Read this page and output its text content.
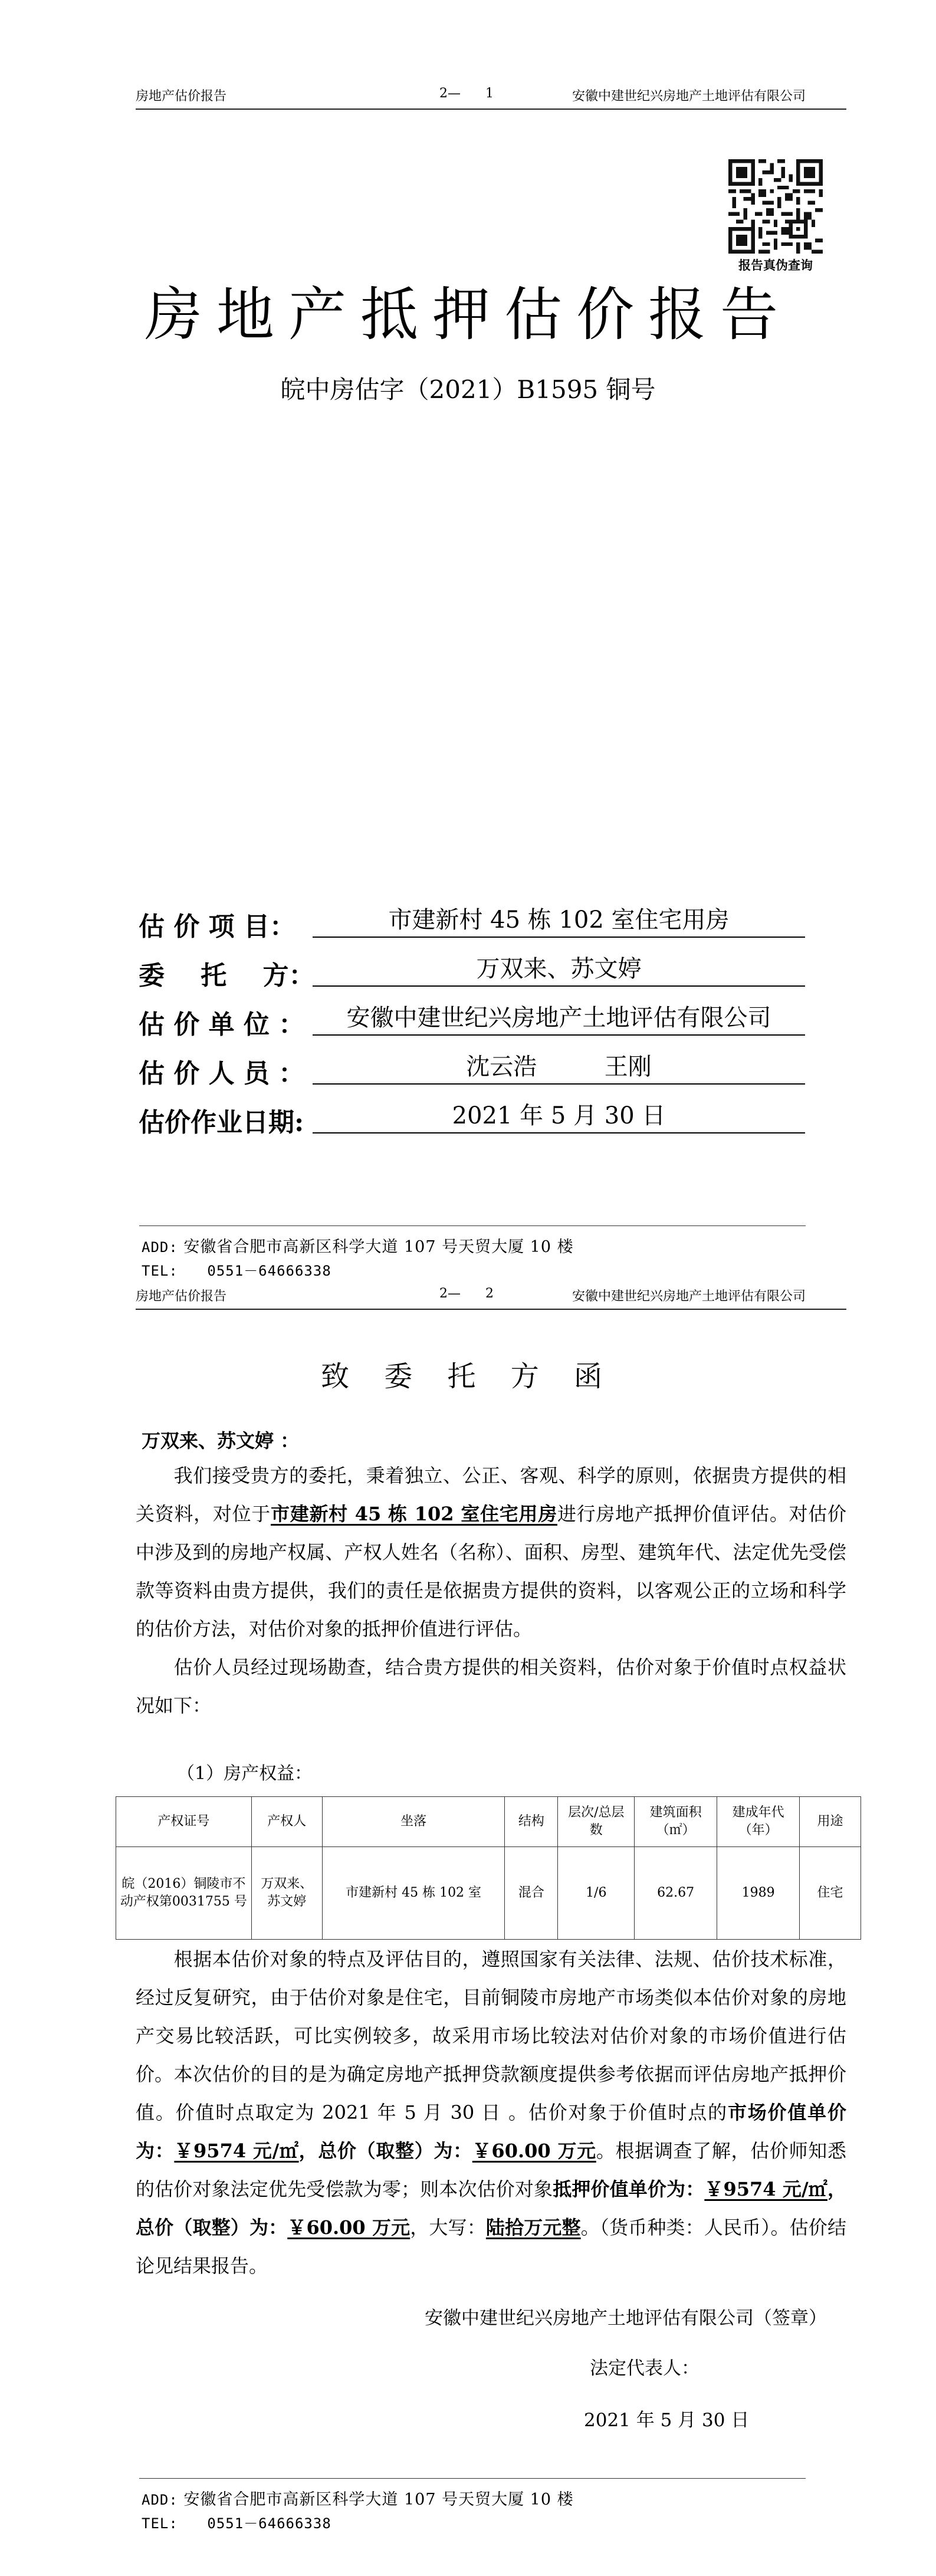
房地产估价报告	2—      1	安徽中建世纪兴房地产土地评估有限公司
报告真伪查询
房地产抵押估价报告
皖中房估字（2021）B1595 铜号
估 价 项 目：	市建新村 45 栋 102 室住宅用房
委    托    方：	万双来、苏文婷
估 价 单 位 ：	安徽中建世纪兴房地产土地评估有限公司
估 价 人 员 ：	沈云浩         王刚
估价作业日期:	2021 年 5 月 30 日
ADD: 安徽省合肥市高新区科学大道 107 号天贸大厦 10 楼
TEL: 0551－64666338
房地产估价报告	2—      2	安徽中建世纪兴房地产土地评估有限公司
致 委 托 方 函
万双来、苏文婷 ：
我们接受贵方的委托，秉着独立、公正、客观、科学的原则，依据贵方提供的相关资料，对位于市建新村 45 栋 102 室住宅用房进行房地产抵押价值评估。对估价中涉及到的房地产权属、产权人姓名（名称）、面积、房型、建筑年代、法定优先受偿款等资料由贵方提供，我们的责任是依据贵方提供的资料，以客观公正的立场和科学的估价方法，对估价对象的抵押价值进行评估。
估价人员经过现场勘查，结合贵方提供的相关资料，估价对象于价值时点权益状况如下：
（1）房产权益：
产权证号	产权人	坐落	结构	层次/总层数	建筑面积（㎡）	建成年代（年）	用途
皖（2016）铜陵市不动产权第0031755 号	万双来、苏文婷	市建新村 45 栋 102 室	混合	1/6	62.67	1989	住宅
根据本估价对象的特点及评估目的，遵照国家有关法律、法规、估价技术标准，经过反复研究，由于估价对象是住宅，目前铜陵市房地产市场类似本估价对象的房地产交易比较活跃，可比实例较多，故采用市场比较法对估价对象的市场价值进行估价。 本次估价的目的是为确定房地产抵押贷款额度提供参考依据而评估房地产抵押价值。价值时点取定为 2021 年 5 月 30 日 。估价对象于价值时点的市场价值单价为：￥9574 元/㎡，总价（取整）为：￥60.00 万元。根据调查了解，估价师知悉的估价对象法定优先受偿款为零；则本次估价对象抵押价值单价为：￥9574 元/㎡，总价（取整）为：￥60.00 万元，大写：陆拾万元整。（货币种类：人民币）。估价结论见结果报告。
安徽中建世纪兴房地产土地评估有限公司（签章）
法定代表人：
2021 年 5 月 30 日
ADD: 安徽省合肥市高新区科学大道 107 号天贸大厦 10 楼
TEL: 0551－64666338
